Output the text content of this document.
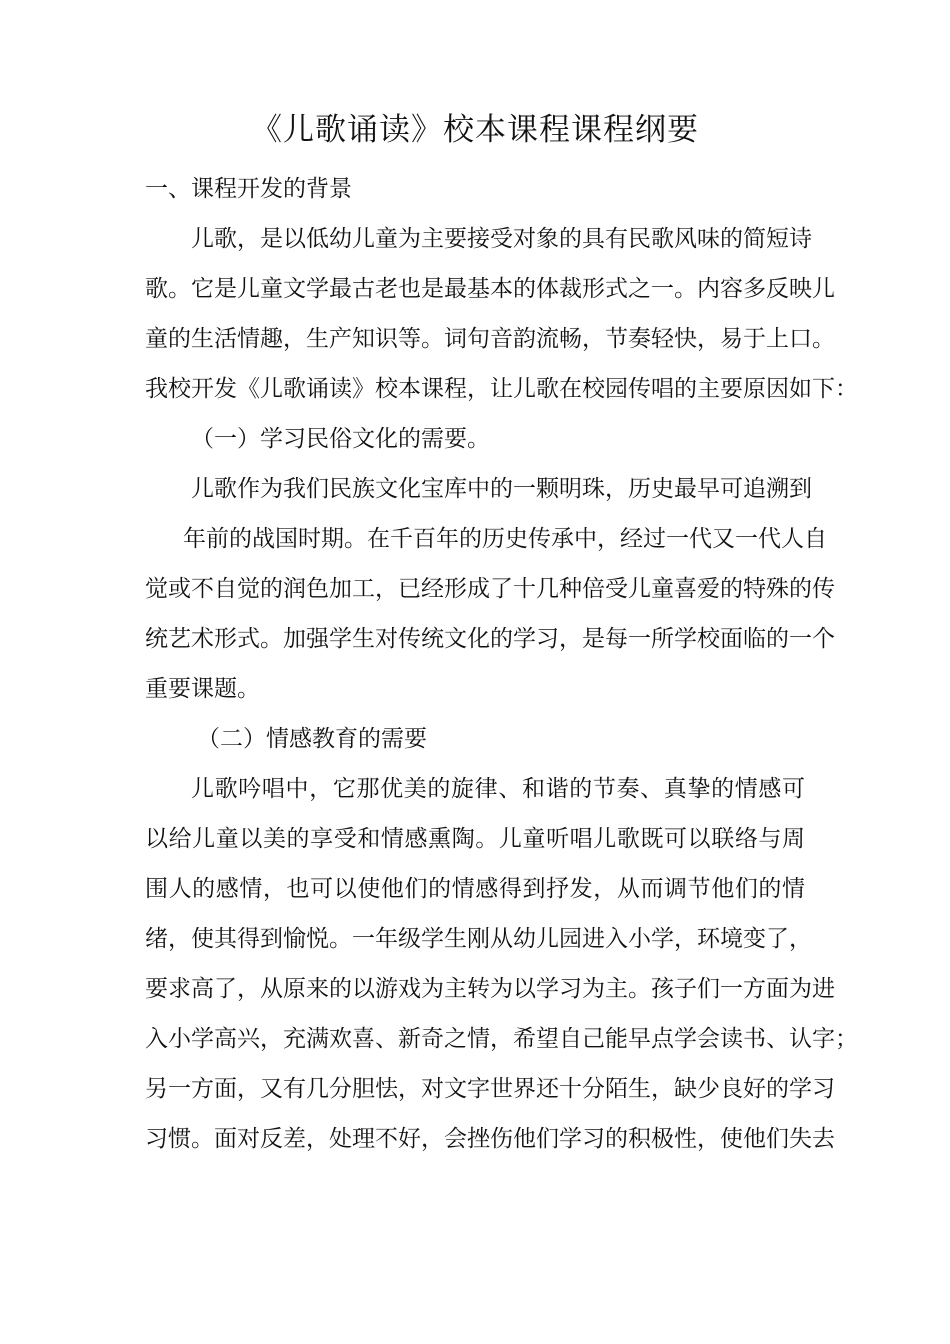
《儿歌诵读》校本课程课程纲要
一、课程开发的背景
儿歌，是以低幼儿童为主要接受对象的具有民歌风味的简短诗
歌。它是儿童文学最古老也是最基本的体裁形式之一。内容多反映儿
童的生活情趣，生产知识等。词句音韵流畅，节奏轻快，易于上口。
我校开发《儿歌诵读》校本课程，让儿歌在校园传唱的主要原因如下：
（一）学习民俗文化的需要。
儿歌作为我们民族文化宝库中的一颗明珠，历史最早可追溯到
年前的战国时期。在千百年的历史传承中，经过一代又一代人自
觉或不自觉的润色加工，已经形成了十几种倍受儿童喜爱的特殊的传
统艺术形式。加强学生对传统文化的学习，是每一所学校面临的一个
重要课题。
（二）情感教育的需要
儿歌吟唱中，它那优美的旋律、和谐的节奏、真挚的情感可
以给儿童以美的享受和情感熏陶。儿童听唱儿歌既可以联络与周
围人的感情，也可以使他们的情感得到抒发，从而调节他们的情
绪，使其得到愉悦。一年级学生刚从幼儿园进入小学，环境变了，
要求高了，从原来的以游戏为主转为以学习为主。孩子们一方面为进
入小学高兴，充满欢喜、新奇之情，希望自己能早点学会读书、认字；
另一方面，又有几分胆怯，对文字世界还十分陌生，缺少良好的学习
习惯。面对反差，处理不好，会挫伤他们学习的积极性，使他们失去
